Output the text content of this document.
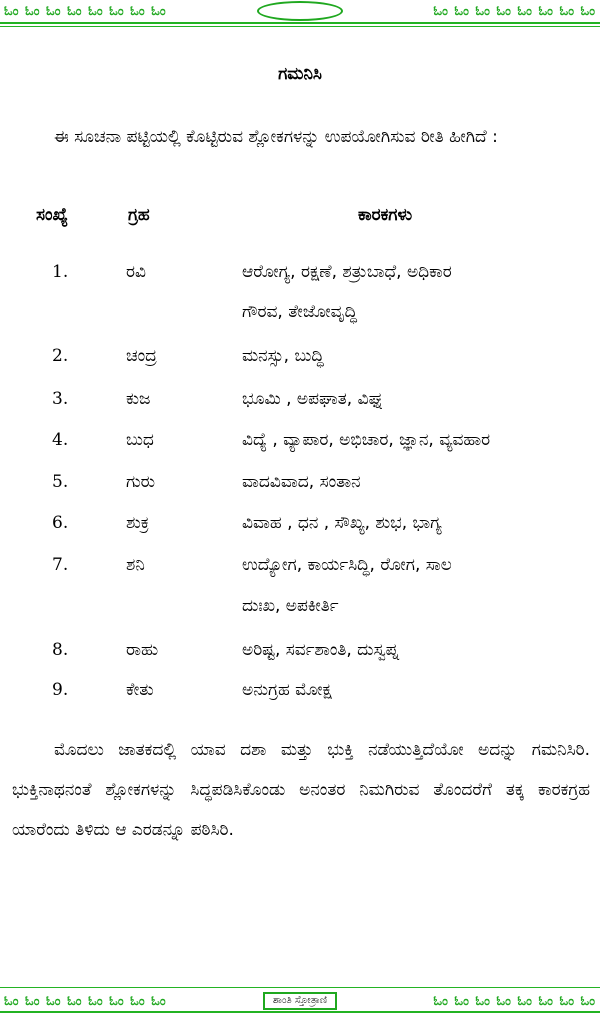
ಓಂ ಓಂ ಓಂ ಓಂ ಓಂ ಓಂ ಓಂ ಓಂ	ಓಂ ಓಂ ಓಂ ಓಂ ಓಂ ಓಂ ಓಂ ಓಂ
ಗಮನಿಸಿ
ಈ ಸೂಚನಾ ಪಟ್ಟಿಯಲ್ಲಿ ಕೊಟ್ಟಿರುವ ಶ್ಲೋಕಗಳನ್ನು ಉಪಯೋಗಿಸುವ ರೀತಿ ಹೀಗಿದೆ :
ಸಂಖ್ಯೆ	ಗ್ರಹ	ಕಾರಕಗಳು
1.	ರವಿ	ಆರೋಗ್ಯ, ರಕ್ಷಣೆ, ಶತ್ರುಬಾಧೆ, ಅಧಿಕಾರ
ಗೌರವ, ತೇಜೋವೃದ್ಧಿ
2.	ಚಂದ್ರ	ಮನಸ್ಸು, ಬುದ್ಧಿ
3.	ಕುಜ	ಭೂಮಿ , ಅಪಘಾತ, ವಿಘ್ನ
4.	ಬುಧ	ವಿದ್ಯೆ , ವ್ಯಾಪಾರ, ಅಭಿಚಾರ, ಜ್ಞಾನ, ವ್ಯವಹಾರ
5.	ಗುರು	ವಾದವಿವಾದ, ಸಂತಾನ
6.	ಶುಕ್ರ	ವಿವಾಹ , ಧನ , ಸೌಖ್ಯ, ಶುಭ, ಭಾಗ್ಯ
7.	ಶನಿ	ಉದ್ಯೋಗ, ಕಾರ್ಯಸಿದ್ಧಿ, ರೋಗ, ಸಾಲ
ದುಃಖ, ಅಪಕೀರ್ತಿ
8.	ರಾಹು	ಅರಿಷ್ಟ, ಸರ್ವಶಾಂತಿ, ದುಸ್ವಪ್ನ
9.	ಕೇತು	ಅನುಗ್ರಹ ಮೋಕ್ಷ
ಮೊದಲು ಜಾತಕದಲ್ಲಿ ಯಾವ ದಶಾ ಮತ್ತು ಭುಕ್ತಿ ನಡೆಯುತ್ತಿದೆಯೋ ಅದನ್ನು ಗಮನಿಸಿರಿ. ಭುಕ್ತಿನಾಥನಂತೆ ಶ್ಲೋಕಗಳನ್ನು ಸಿದ್ಧಪಡಿಸಿಕೊಂಡು ಅನಂತರ ನಿಮಗಿರುವ ತೊಂದರೆಗೆ ತಕ್ಕ ಕಾರಕಗ್ರಹ ಯಾರೆಂದು ತಿಳಿದು ಆ ಎರಡನ್ನೂ ಪಠಿಸಿರಿ.
ಓಂ ಓಂ ಓಂ ಓಂ ಓಂ ಓಂ ಓಂ ಓಂ	ಶಾಂತಿ ಸ್ತೋತ್ರಾಣಿ	ಓಂ ಓಂ ಓಂ ಓಂ ಓಂ ಓಂ ಓಂ ಓಂ
